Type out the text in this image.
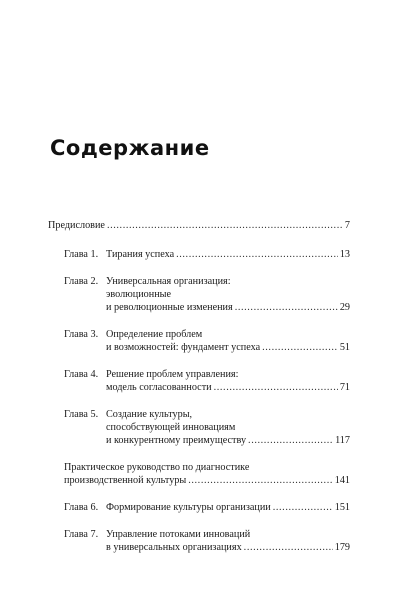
Содержание

Предисловие .....	7

Глава 1. Тирания успеха .....	13
Глава 2. Универсальная организация:
эволюционные
и революционные изменения .....	29
Глава 3. Определение проблем
и возможностей: фундамент успеха .....	51
Глава 4. Решение проблем управления:
модель согласованности .....	71
Глава 5. Создание культуры,
способствующей инновациям
и конкурентному преимуществу .....	117
Практическое руководство по диагностике
производственной культуры .....	141
Глава 6. Формирование культуры организации .....	151
Глава 7. Управление потоками инноваций
в универсальных организациях .....	179
